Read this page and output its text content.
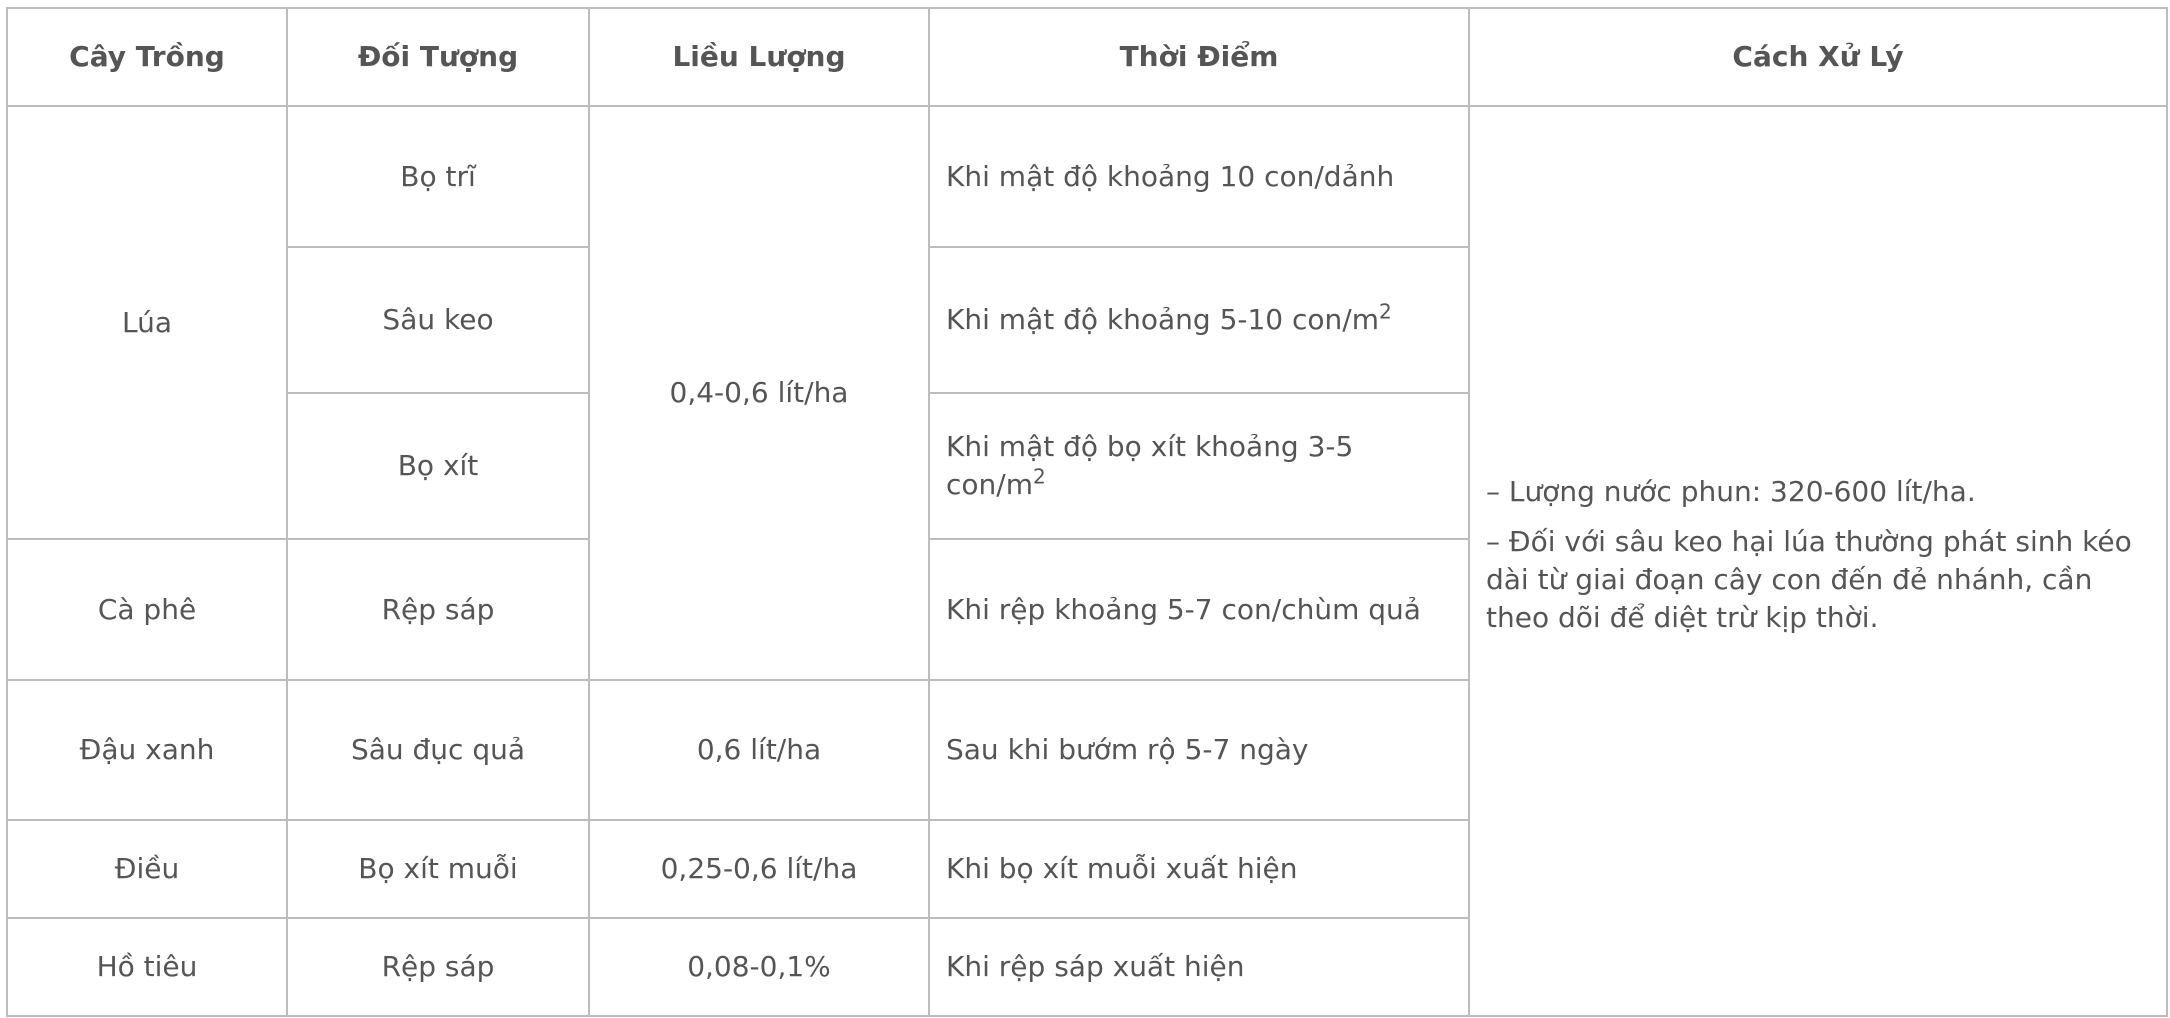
Cây Trồng	Đối Tượng	Liều Lượng	Thời Điểm	Cách Xử Lý
Lúa	Bọ trĩ	0,4-0,6 lít/ha	Khi mật độ khoảng 10 con/dảnh	– Lượng nước phun: 320-600 lít/ha.

– Đối với sâu keo hại lúa thường phát sinh kéo dài từ giai đoạn cây con đến đẻ nhánh, cần theo dõi để diệt trừ kịp thời.

	Sâu keo		Khi mật độ khoảng 5-10 con/$m^2$
	Bọ xít		Khi mật độ bọ xít khoảng 3-5 con/$m^2$
Cà phê	Rệp sáp		Khi rệp khoảng 5-7 con/chùm quả	
Đậu xanh	Sâu đục quả	0,6 lít/ha	Sau khi bướm rộ 5-7 ngày	
Điều	Bọ xít muỗi	0,25-0,6 lít/ha	Khi bọ xít muỗi xuất hiện	
Hồ tiêu	Rệp sáp	0,08-0,1%	Khi rệp sáp xuất hiện	
